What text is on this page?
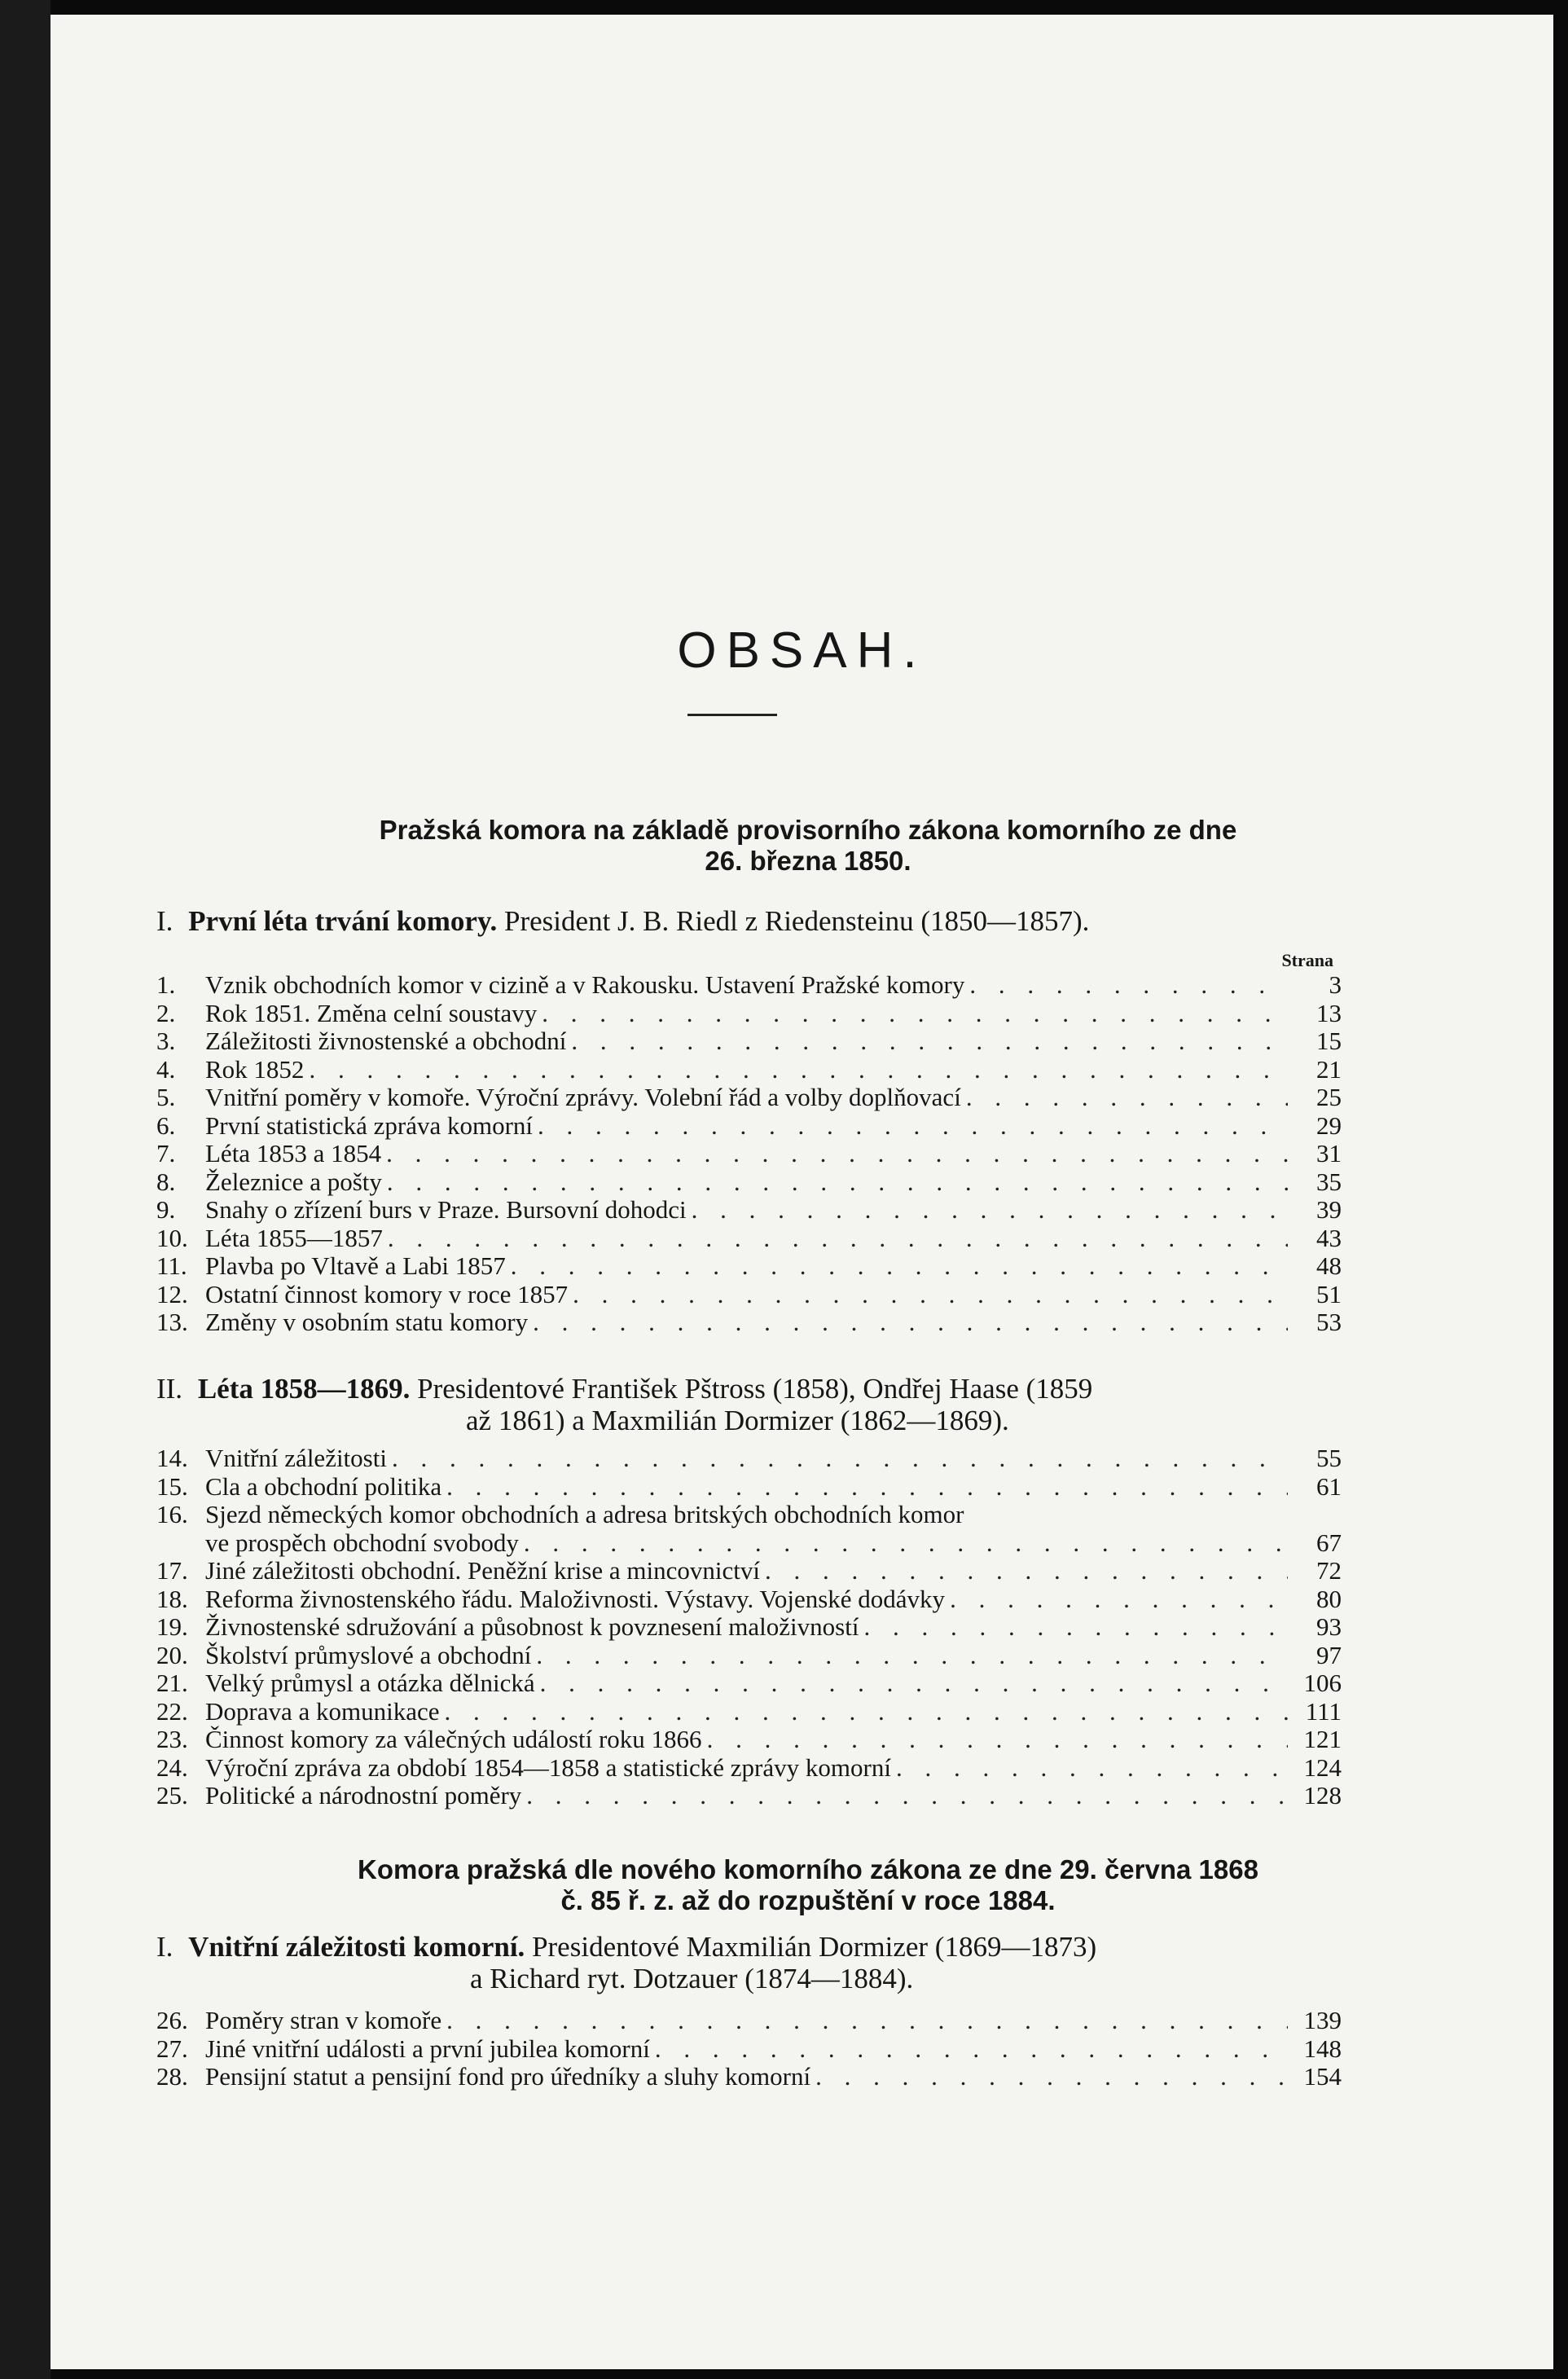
OBSAH.
Pražská komora na základě provisorního zákona komorního ze dne
26. března 1850.
I. První léta trvání komory. President J. B. Riedl z Riedensteinu (1850—1857).
Strana
1.	Vznik obchodních komor v cizině a v Rakousku. Ustavení Pražské komory . . .	3
2.	Rok 1851. Změna celní soustavy . . .	13
3.	Záležitosti živnostenské a obchodní . . .	15
4.	Rok 1852 . . .	21
5.	Vnitřní poměry v komoře. Výroční zprávy. Volební řád a volby doplňovací . . .	25
6.	První statistická zpráva komorní . . .	29
7.	Léta 1853 a 1854 . . .	31
8.	Železnice a pošty . . .	35
9.	Snahy o zřízení burs v Praze. Bursovní dohodci . . .	39
10. Léta 1855—1857 . . .	43
11. Plavba po Vltavě a Labi 1857 . . .	48
12. Ostatní činnost komory v roce 1857 . . .	51
13. Změny v osobním statu komory . . .	53
II. Léta 1858—1869. Presidentové František Pštross (1858), Ondřej Haase (1859
až 1861) a Maxmilián Dormizer (1862—1869).
14. Vnitřní záležitosti . . .	55
15. Cla a obchodní politika . . .	61
16. Sjezd německých komor obchodních a adresa britských obchodních komor
ve prospěch obchodní svobody . . .	67
17. Jiné záležitosti obchodní. Peněžní krise a mincovnictví . . .	72
18. Reforma živnostenského řádu. Maloživnosti. Výstavy. Vojenské dodávky . . .	80
19. Živnostenské sdružování a působnost k povznesení maloživností . . .	93
20. Školství průmyslové a obchodní . . .	97
21. Velký průmysl a otázka dělnická . . .	106
22. Doprava a komunikace . . .	111
23. Činnost komory za válečných událostí roku 1866 . . .	121
24. Výroční zpráva za období 1854—1858 a statistické zprávy komorní . . .	124
25. Politické a národnostní poměry . . .	128
Komora pražská dle nového komorního zákona ze dne 29. června 1868
č. 85 ř. z. až do rozpuštění v roce 1884.
I. Vnitřní záležitosti komorní. Presidentové Maxmilián Dormizer (1869—1873)
a Richard ryt. Dotzauer (1874—1884).
26. Poměry stran v komoře . . .	139
27. Jiné vnitřní události a první jubilea komorní . . .	148
28. Pensijní statut a pensijní fond pro úředníky a sluhy komorní . . .	154
